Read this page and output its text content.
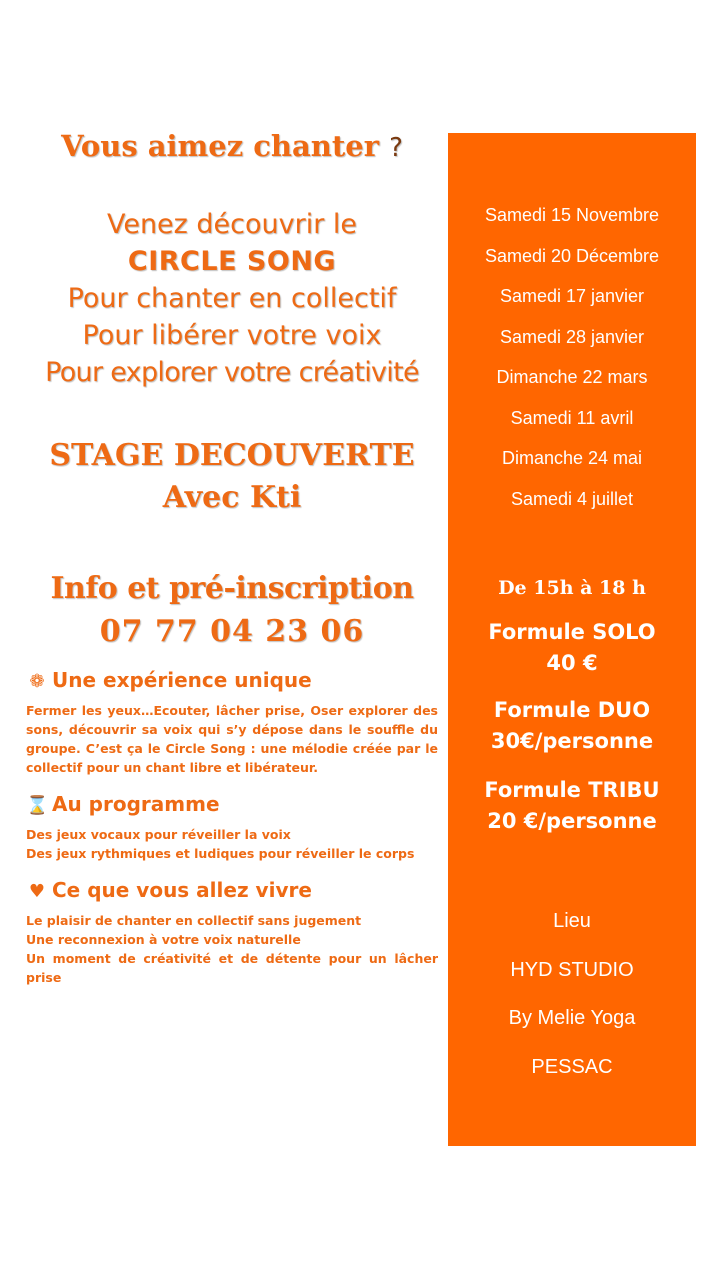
Vous aimez chanter ?
Venez découvrir le
CIRCLE SONG
Pour chanter en collectif
Pour libérer votre voix
Pour explorer votre créativité
STAGE DECOUVERTE
Avec Kti
Info et pré-inscription
07 77 04 23 06
❁ Une expérience unique
Fermer les yeux…Ecouter, lâcher prise, Oser explorer des sons, découvrir sa voix qui s’y dépose dans le souffle du groupe. C’est ça le Circle Song : une mélodie créée par le collectif pour un chant libre et libérateur.
⌛ Au programme
Des jeux vocaux pour réveiller la voix
Des jeux rythmiques et ludiques pour réveiller le corps
♥ Ce que vous allez vivre
Le plaisir de chanter en collectif sans jugement
Une reconnexion à votre voix naturelle
Un moment de créativité et de détente pour un lâcher prise
Samedi 15 Novembre
Samedi 20 Décembre
Samedi 17 janvier
Samedi 28 janvier
Dimanche 22 mars
Samedi 11 avril
Dimanche 24 mai
Samedi 4 juillet
De 15h à 18 h
Formule SOLO
40 €
Formule DUO
30€/personne
Formule TRIBU
20 €/personne
Lieu
HYD STUDIO
By Melie Yoga
PESSAC
